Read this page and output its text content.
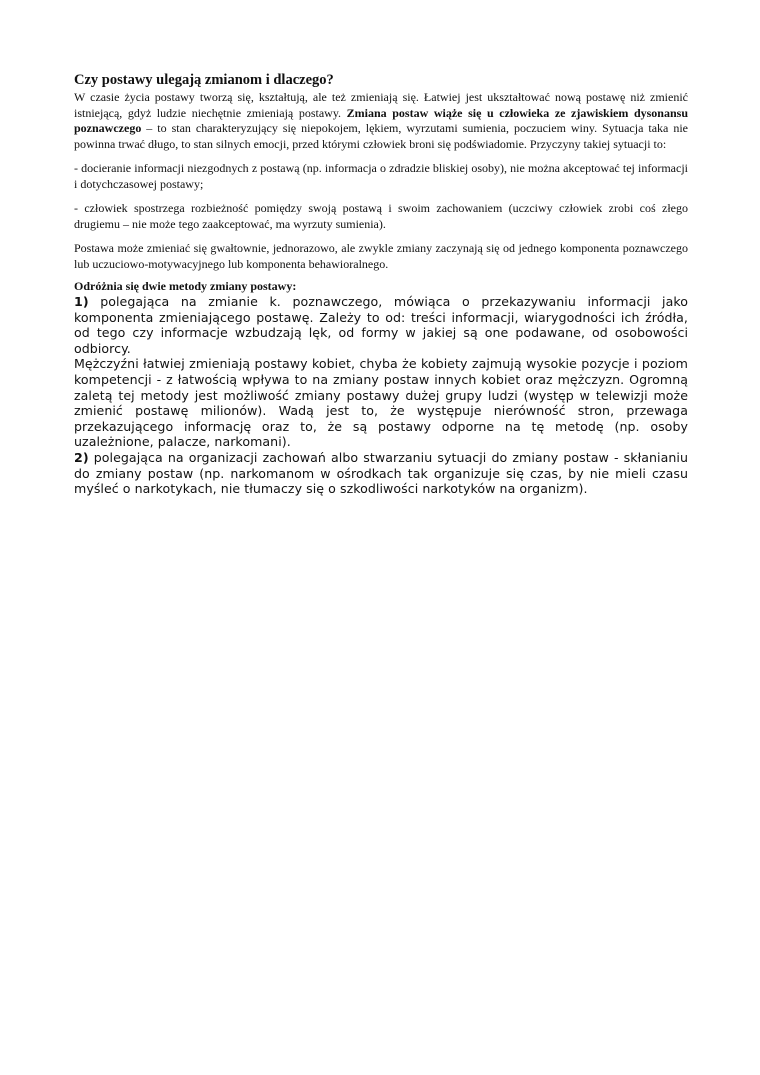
Czy postawy ulegają zmianom i dlaczego?

W czasie życia postawy tworzą się, kształtują, ale też zmieniają się. Łatwiej jest ukształtować nową postawę niż zmienić istniejącą, gdyż ludzie niechętnie zmieniają postawy. Zmiana postaw wiąże się u człowieka ze zjawiskiem dysonansu poznawczego – to stan charakteryzujący się niepokojem, lękiem, wyrzutami sumienia, poczuciem winy. Sytuacja taka nie powinna trwać długo, to stan silnych emocji, przed którymi człowiek broni się podświadomie. Przyczyny takiej sytuacji to:

- docieranie informacji niezgodnych z postawą (np. informacja o zdradzie bliskiej osoby), nie można akceptować tej informacji i dotychczasowej postawy;

- człowiek spostrzega rozbieżność pomiędzy swoją postawą i swoim zachowaniem (uczciwy człowiek zrobi coś złego drugiemu – nie może tego zaakceptować, ma wyrzuty sumienia).

Postawa może zmieniać się gwałtownie, jednorazowo, ale zwykle zmiany zaczynają się od jednego komponenta poznawczego lub uczuciowo-motywacyjnego lub komponenta behawioralnego.

Odróżnia się dwie metody zmiany postawy:

1) polegająca na zmianie k. poznawczego, mówiąca o przekazywaniu informacji jako komponenta zmieniającego postawę. Zależy to od: treści informacji, wiarygodności ich źródła, od tego czy informacje wzbudzają lęk, od formy w jakiej są one podawane, od osobowości odbiorcy.

Mężczyźni łatwiej zmieniają postawy kobiet, chyba że kobiety zajmują wysokie pozycje i poziom kompetencji - z łatwością wpływa to na zmiany postaw innych kobiet oraz mężczyzn. Ogromną zaletą tej metody jest możliwość zmiany postawy dużej grupy ludzi (występ w telewizji może zmienić postawę milionów). Wadą jest to, że występuje nierówność stron, przewaga przekazującego informację oraz to, że są postawy odporne na tę metodę (np. osoby uzależnione, palacze, narkomani).

2) polegająca na organizacji zachowań albo stwarzaniu sytuacji do zmiany postaw - skłanianiu do zmiany postaw (np. narkomanom w ośrodkach tak organizuje się czas, by nie mieli czasu myśleć o narkotykach, nie tłumaczy się o szkodliwości narkotyków na organizm).
